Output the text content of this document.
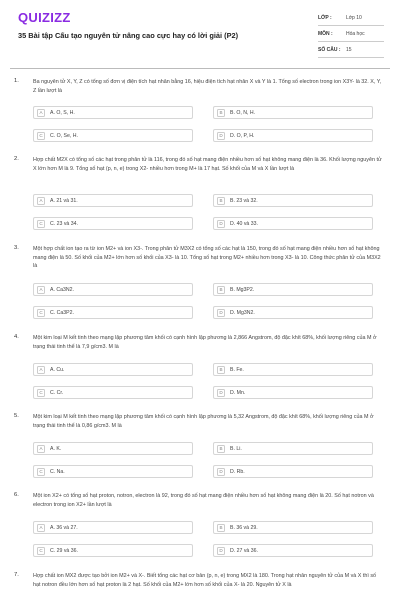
QUIZIZZ
35 Bài tập Cấu tạo nguyên tử nâng cao cực hay có lời giải (P2)
LỚP :	Lớp 10
MÔN :	Hóa học
SỐ CÂU :	15
1.	Ba nguyên tử X, Y, Z có tổng số đơn vị điện tích hạt nhân bằng 16, hiệu điện tích hạt nhân X và Y là 1. Tổng số electron trong ion X3Y- là 32. X, Y, Z lần lượt là
A	A. O, S, H.	B	B. O, N, H.
C	C. O, Se, H.	D	D. O, P, H.
2.	Hợp chất M2X có tổng số các hạt trong phân tử là 116, trong đó số hạt mang điện nhiều hơn số hạt không mang điện là 36. Khối lượng nguyên tử X lớn hơn M là 9. Tổng số hạt (p, n, e) trong X2- nhiều hơn trong M+ là 17 hạt. Số khối của M và X lần lượt là
A	A. 21 và 31.	B	B. 23 và 32.
C	C. 23 và 34.	D	D. 40 và 33.
3.	Một hợp chất ion tạo ra từ ion M2+ và ion X3-. Trong phân tử M3X2 có tổng số các hạt là 150, trong đó số hạt mang điện nhiều hơn số hạt không mang điện là 50. Số khối của M2+ lớn hơn số khối của X3- là 10. Tổng số hạt trong M2+ nhiều hơn trong X3- là 10. Công thức phân tử của M3X2 là
A	A. Ca3N2.	B	B. Mg3P2.
C	C. Ca3P2.	D	D. Mg3N2.
4.	Một kim loại M kết tinh theo mạng lập phương tâm khối có cạnh hình lập phương là 2,866 Angstrom, độ đặc khít 68%, khối lượng riêng của M ở trạng thái tinh thể là 7,9 g/cm3. M là
A	A. Cu.	B	B. Fe.
C	C. Cr.	D	D. Mn.
5.	Một kim loại M kết tinh theo mạng lập phương tâm khối có cạnh hình lập phương là 5,32 Angstrom, độ đặc khít 68%, khối lượng riêng của M ở trạng thái tinh thể là 0,86 g/cm3. M là
A	A. K.	B	B. Li.
C	C. Na.	D	D. Rb.
6.	Một ion X2+ có tổng số hạt proton, notron, electron là 92, trong đó số hạt mang điện nhiều hơn số hạt không mang điện là 20. Số hạt notron và electron trong ion X2+ lần lượt là
A	A. 36 và 27.	B	B. 36 và 29.
C	C. 29 và 36.	D	D. 27 và 36.
7.	Hợp chất ion MX2 được tạo bởi ion M2+ và X-. Biết tổng các hạt cơ bản (p, n, e) trong MX2 là 180. Trong hạt nhân nguyên tử của M và X thì số hạt notron đều lớn hơn số hạt proton là 2 hạt. Số khối của M2+ lớn hơn số khối của X- là 20. Nguyên tử X là
